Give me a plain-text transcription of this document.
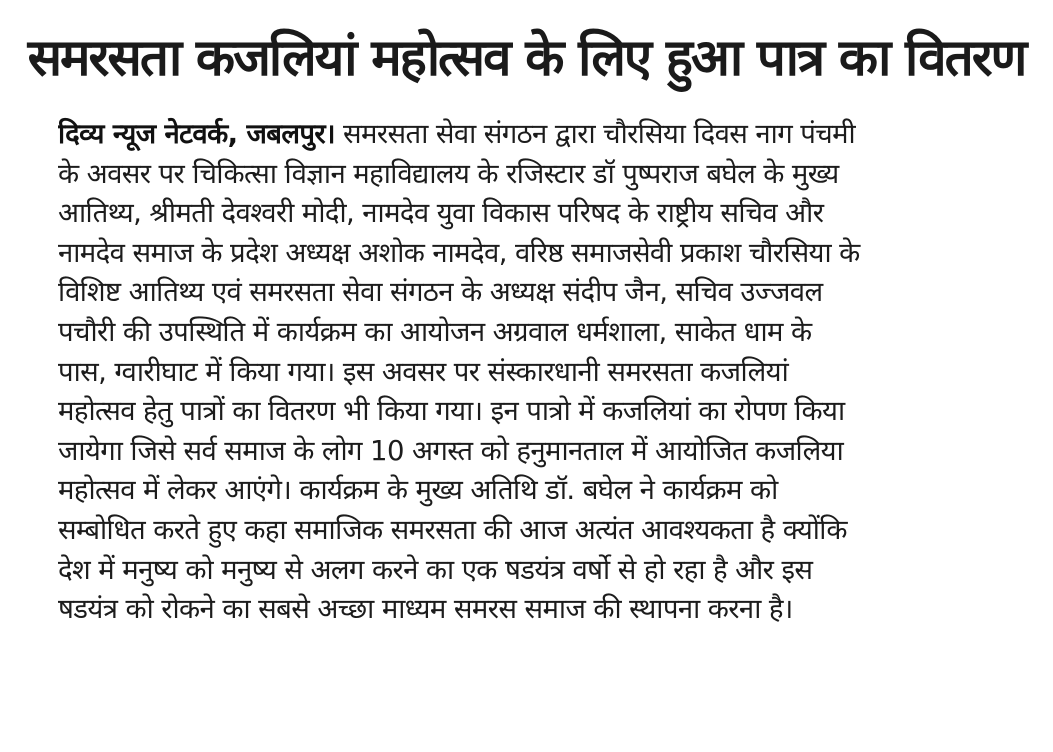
समरसता कजलियां महोत्सव के लिए हुआ पात्र का वितरण
दिव्य न्यूज नेटवर्क, जबलपुर। समरसता सेवा संगठन द्वारा चौरसिया दिवस नाग पंचमी
के अवसर पर चिकित्सा विज्ञान महाविद्यालय के रजिस्टार डॉ पुष्पराज बघेल के मुख्य
आतिथ्य, श्रीमती देवश्वरी मोदी, नामदेव युवा विकास परिषद के राष्ट्रीय सचिव और
नामदेव समाज के प्रदेश अध्यक्ष अशोक नामदेव, वरिष्ठ समाजसेवी प्रकाश चौरसिया के
विशिष्ट आतिथ्य एवं समरसता सेवा संगठन के अध्यक्ष संदीप जैन, सचिव उज्जवल
पचौरी की उपस्थिति में कार्यक्रम का आयोजन अग्रवाल धर्मशाला, साकेत धाम के
पास, ग्वारीघाट में किया गया। इस अवसर पर संस्कारधानी समरसता कजलियां
महोत्सव हेतु पात्रों का वितरण भी किया गया। इन पात्रो में कजलियां का रोपण किया
जायेगा जिसे सर्व समाज के लोग 10 अगस्त को हनुमानताल में आयोजित कजलिया
महोत्सव में लेकर आएंगे। कार्यक्रम के मुख्य अतिथि डॉ. बघेल ने कार्यक्रम को
सम्बोधित करते हुए कहा समाजिक समरसता की आज अत्यंत आवश्यकता है क्योंकि
देश में मनुष्य को मनुष्य से अलग करने का एक षडयंत्र वर्षो से हो रहा है और इस
षडयंत्र को रोकने का सबसे अच्छा माध्यम समरस समाज की स्थापना करना है।
